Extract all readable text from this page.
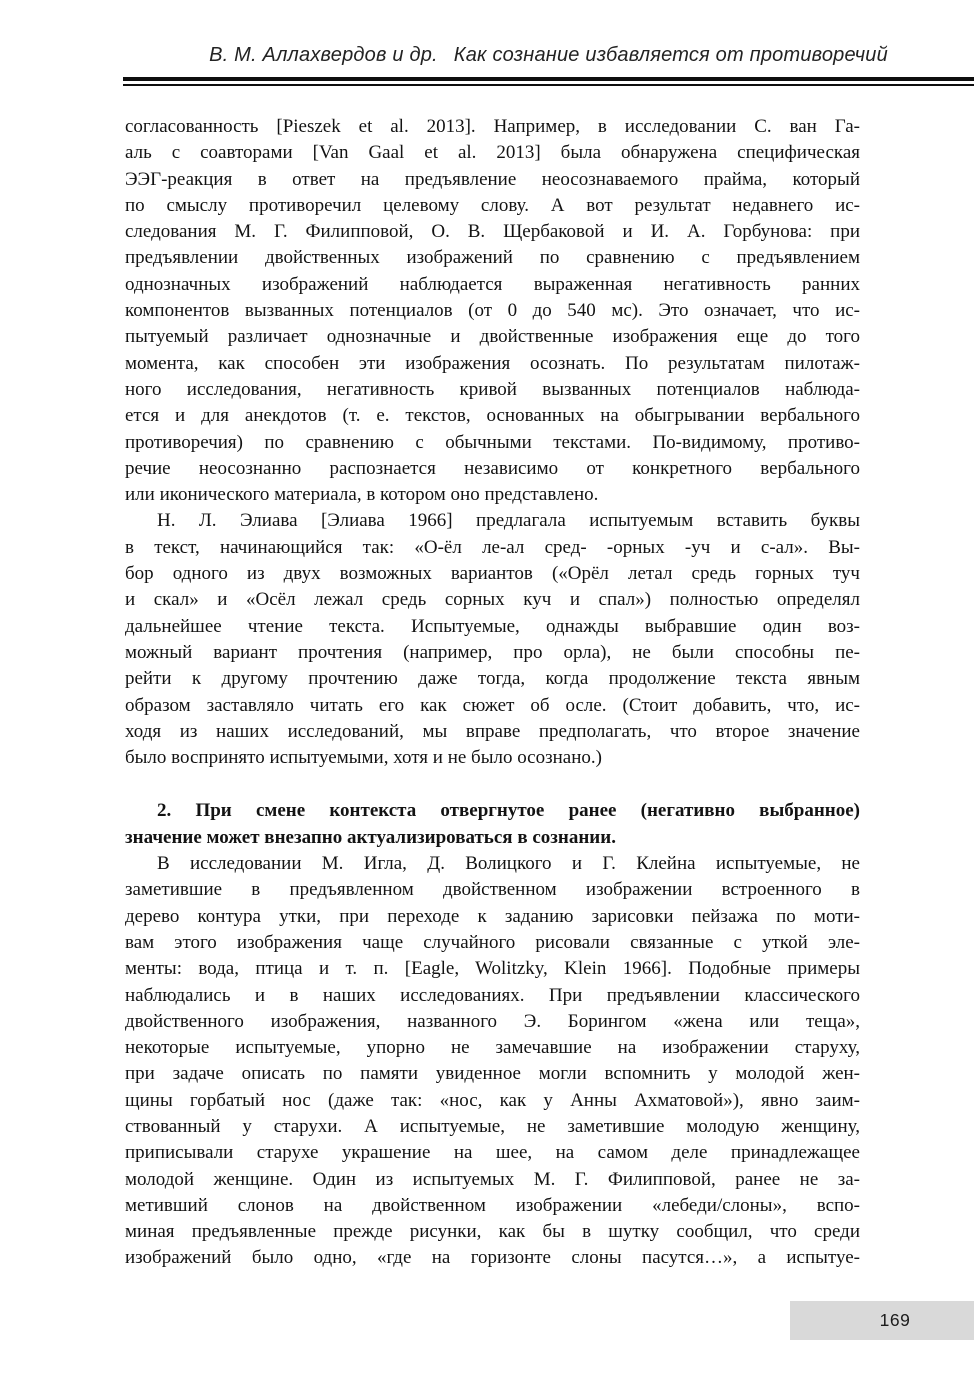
В. М. Аллахвердов и др.  Как сознание избавляется от противоречий
согласованность [Pieszek et al. 2013]. Например, в исследовании С. ван Га-
аль с соавторами [Van Gaal et al. 2013] была обнаружена специфическая
ЭЭГ-реакция в ответ на предъявление неосознаваемого прайма, который
по смыслу противоречил целевому слову. А вот результат недавнего ис-
следования М. Г. Филипповой, О. В. Щербаковой и И. А. Горбунова: при
предъявлении двойственных изображений по сравнению с предъявлением
однозначных изображений наблюдается выраженная негативность ранних
компонентов вызванных потенциалов (от 0 до 540 мс). Это означает, что ис-
пытуемый различает однозначные и двойственные изображения еще до того
момента, как способен эти изображения осознать. По результатам пилотаж-
ного исследования, негативность кривой вызванных потенциалов наблюда-
ется и для анекдотов (т. е. текстов, основанных на обыгрывании вербального
противоречия) по сравнению с обычными текстами. По-видимому, противо-
речие неосознанно распознается независимо от конкретного вербального
или иконического материала, в котором оно представлено.
Н. Л. Элиава [Элиава 1966] предлагала испытуемым вставить буквы
в текст, начинающийся так: «О-ёл ле-ал сред- -орных -уч и с-ал». Вы-
бор одного из двух возможных вариантов («Орёл летал средь горных туч
и скал» и «Осёл лежал средь сорных куч и спал») полностью определял
дальнейшее чтение текста. Испытуемые, однажды выбравшие один воз-
можный вариант прочтения (например, про орла), не были способны пе-
рейти к другому прочтению даже тогда, когда продолжение текста явным
образом заставляло читать его как сюжет об осле. (Стоит добавить, что, ис-
ходя из наших исследований, мы вправе предполагать, что второе значение
было воспринято испытуемыми, хотя и не было осознано.)
2. При смене контекста отвергнутое ранее (негативно выбранное)
значение может внезапно актуализироваться в сознании.
В исследовании М. Игла, Д. Волицкого и Г. Клейна испытуемые, не
заметившие в предъявленном двойственном изображении встроенного в
дерево контура утки, при переходе к заданию зарисовки пейзажа по моти-
вам этого изображения чаще случайного рисовали связанные с уткой эле-
менты: вода, птица и т. п. [Eagle, Wolitzky, Klein 1966]. Подобные примеры
наблюдались и в наших исследованиях. При предъявлении классического
двойственного изображения, названного Э. Борингом «жена или теща»,
некоторые испытуемые, упорно не замечавшие на изображении старуху,
при задаче описать по памяти увиденное могли вспомнить у молодой жен-
щины горбатый нос (даже так: «нос, как у Анны Ахматовой»), явно заим-
ствованный у старухи. А испытуемые, не заметившие молодую женщину,
приписывали старухе украшение на шее, на самом деле принадлежащее
молодой женщине. Один из испытуемых М. Г. Филипповой, ранее не за-
метивший слонов на двойственном изображении «лебеди/слоны», вспо-
миная предъявленные прежде рисунки, как бы в шутку сообщил, что среди
изображений было одно, «где на горизонте слоны пасутся…», а испытуе-
169
